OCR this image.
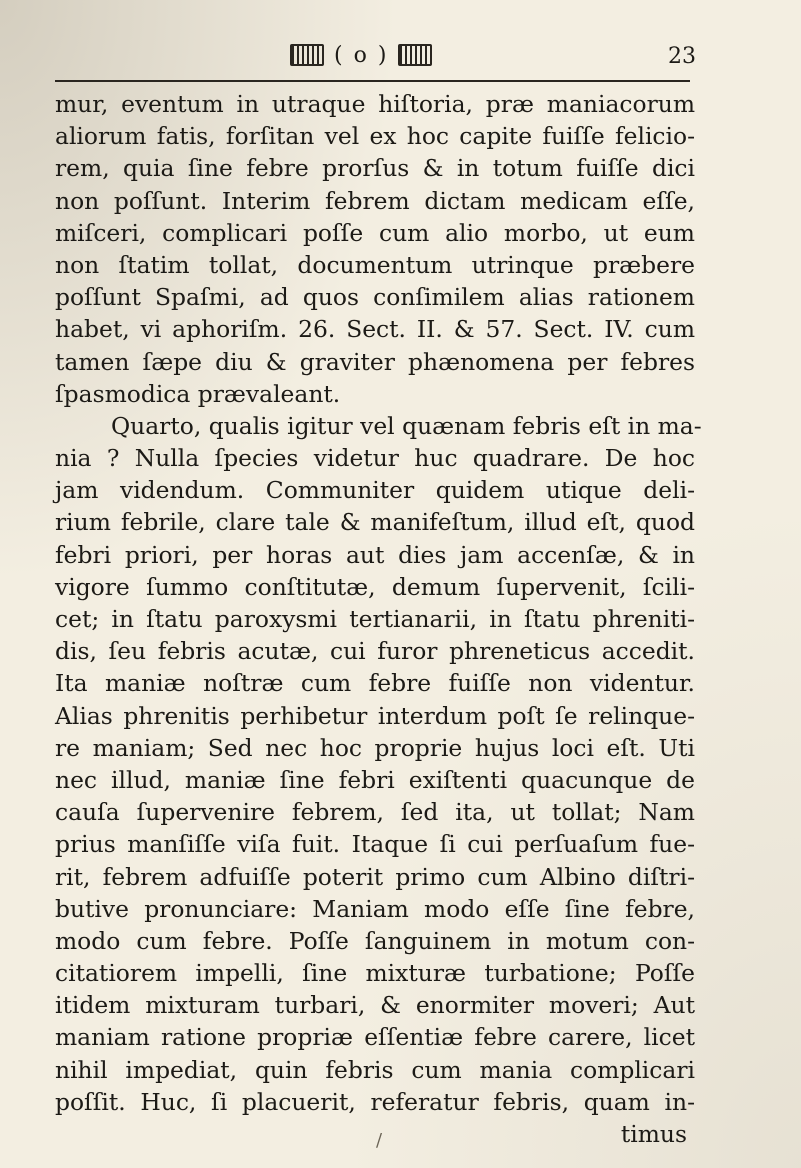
( o )	23
mur, eventum in utraque hiſtoria, præ maniacorum
aliorum fatis, forſitan vel ex hoc capite fuiſſe felicio-
rem, quia ſine febre prorſus & in totum fuiſſe dici
non poſſunt. Interim febrem dictam medicam eſſe,
miſceri, complicari poſſe cum alio morbo, ut eum
non ſtatim tollat, documentum utrinque præbere
poſſunt Spaſmi, ad quos conſimilem alias rationem
habet, vi aphoriſm. 26. Sect. II. & 57. Sect. IV. cum
tamen ſæpe diu & graviter phænomena per febres
ſpasmodica prævaleant.
Quarto, qualis igitur vel quænam febris eſt in ma-
nia ? Nulla ſpecies videtur huc quadrare. De hoc
jam videndum. Communiter quidem utique deli-
rium febrile, clare tale & manifeſtum, illud eſt, quod
febri priori, per horas aut dies jam accenſæ, & in
vigore ſummo conſtitutæ, demum ſupervenit, ſcili-
cet; in ſtatu paroxysmi tertianarii, in ſtatu phreniti-
dis, ſeu febris acutæ, cui furor phreneticus accedit.
Ita maniæ noſtræ cum febre fuiſſe non videntur.
Alias phrenitis perhibetur interdum poſt ſe relinque-
re maniam; Sed nec hoc proprie hujus loci eſt. Uti
nec illud, maniæ ſine febri exiſtenti quacunque de
cauſa ſupervenire febrem, ſed ita, ut tollat; Nam
prius manſiſſe viſa fuit. Itaque ſi cui perſuaſum fue-
rit, febrem adfuiſſe poterit primo cum Albino diſtri-
butive pronunciare: Maniam modo eſſe ſine febre,
modo cum febre. Poſſe ſanguinem in motum con-
citatiorem impelli, ſine mixturæ turbatione; Poſſe
itidem mixturam turbari, & enormiter moveri; Aut
maniam ratione propriæ eſſentiæ febre carere, licet
nihil impediat, quin febris cum mania complicari
poſſit. Huc, ſi placuerit, referatur febris, quam in-
timus
/
